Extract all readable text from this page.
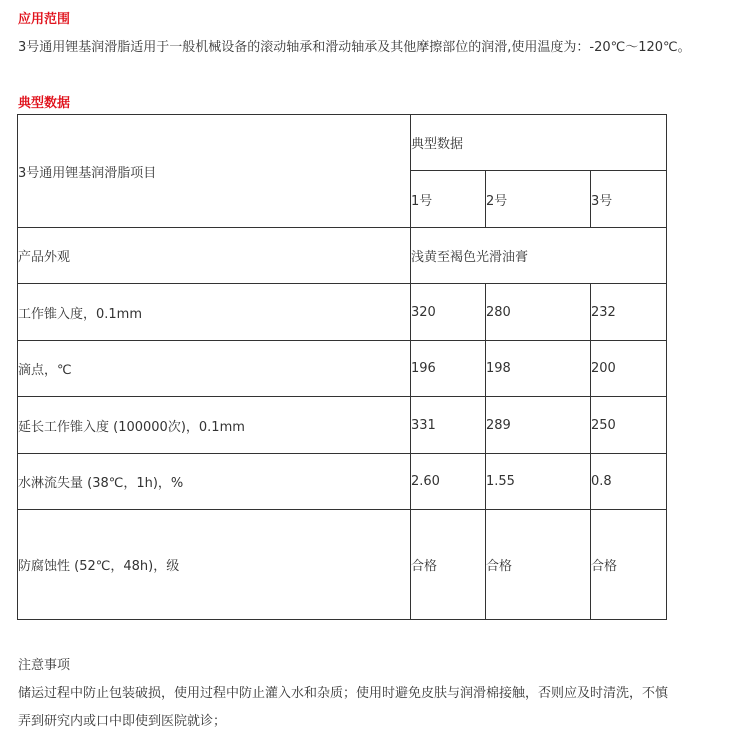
应用范围

3号通用锂基润滑脂适用于一般机械设备的滚动轴承和滑动轴承及其他摩擦部位的润滑,使用温度为：-20℃～120℃。

典型数据
3号通用锂基润滑脂项目	典型数据		
	1号	2号	3号
产品外观	浅黄至褐色光滑油膏		
工作锥入度，0.1mm	320	280	232
滴点，℃	196	198	200
延长工作锥入度 (100000次)，0.1mm	331	289	250
水淋流失量 (38℃，1h)，%	2.60	1.55	0.8
防腐蚀性 (52℃，48h)，级	合格	合格	合格

注意事项

储运过程中防止包装破损，使用过程中防止灌入水和杂质；使用时避免皮肤与润滑棉接触，否则应及时清洗，不慎

弄到研究内或口中即使到医院就诊；
